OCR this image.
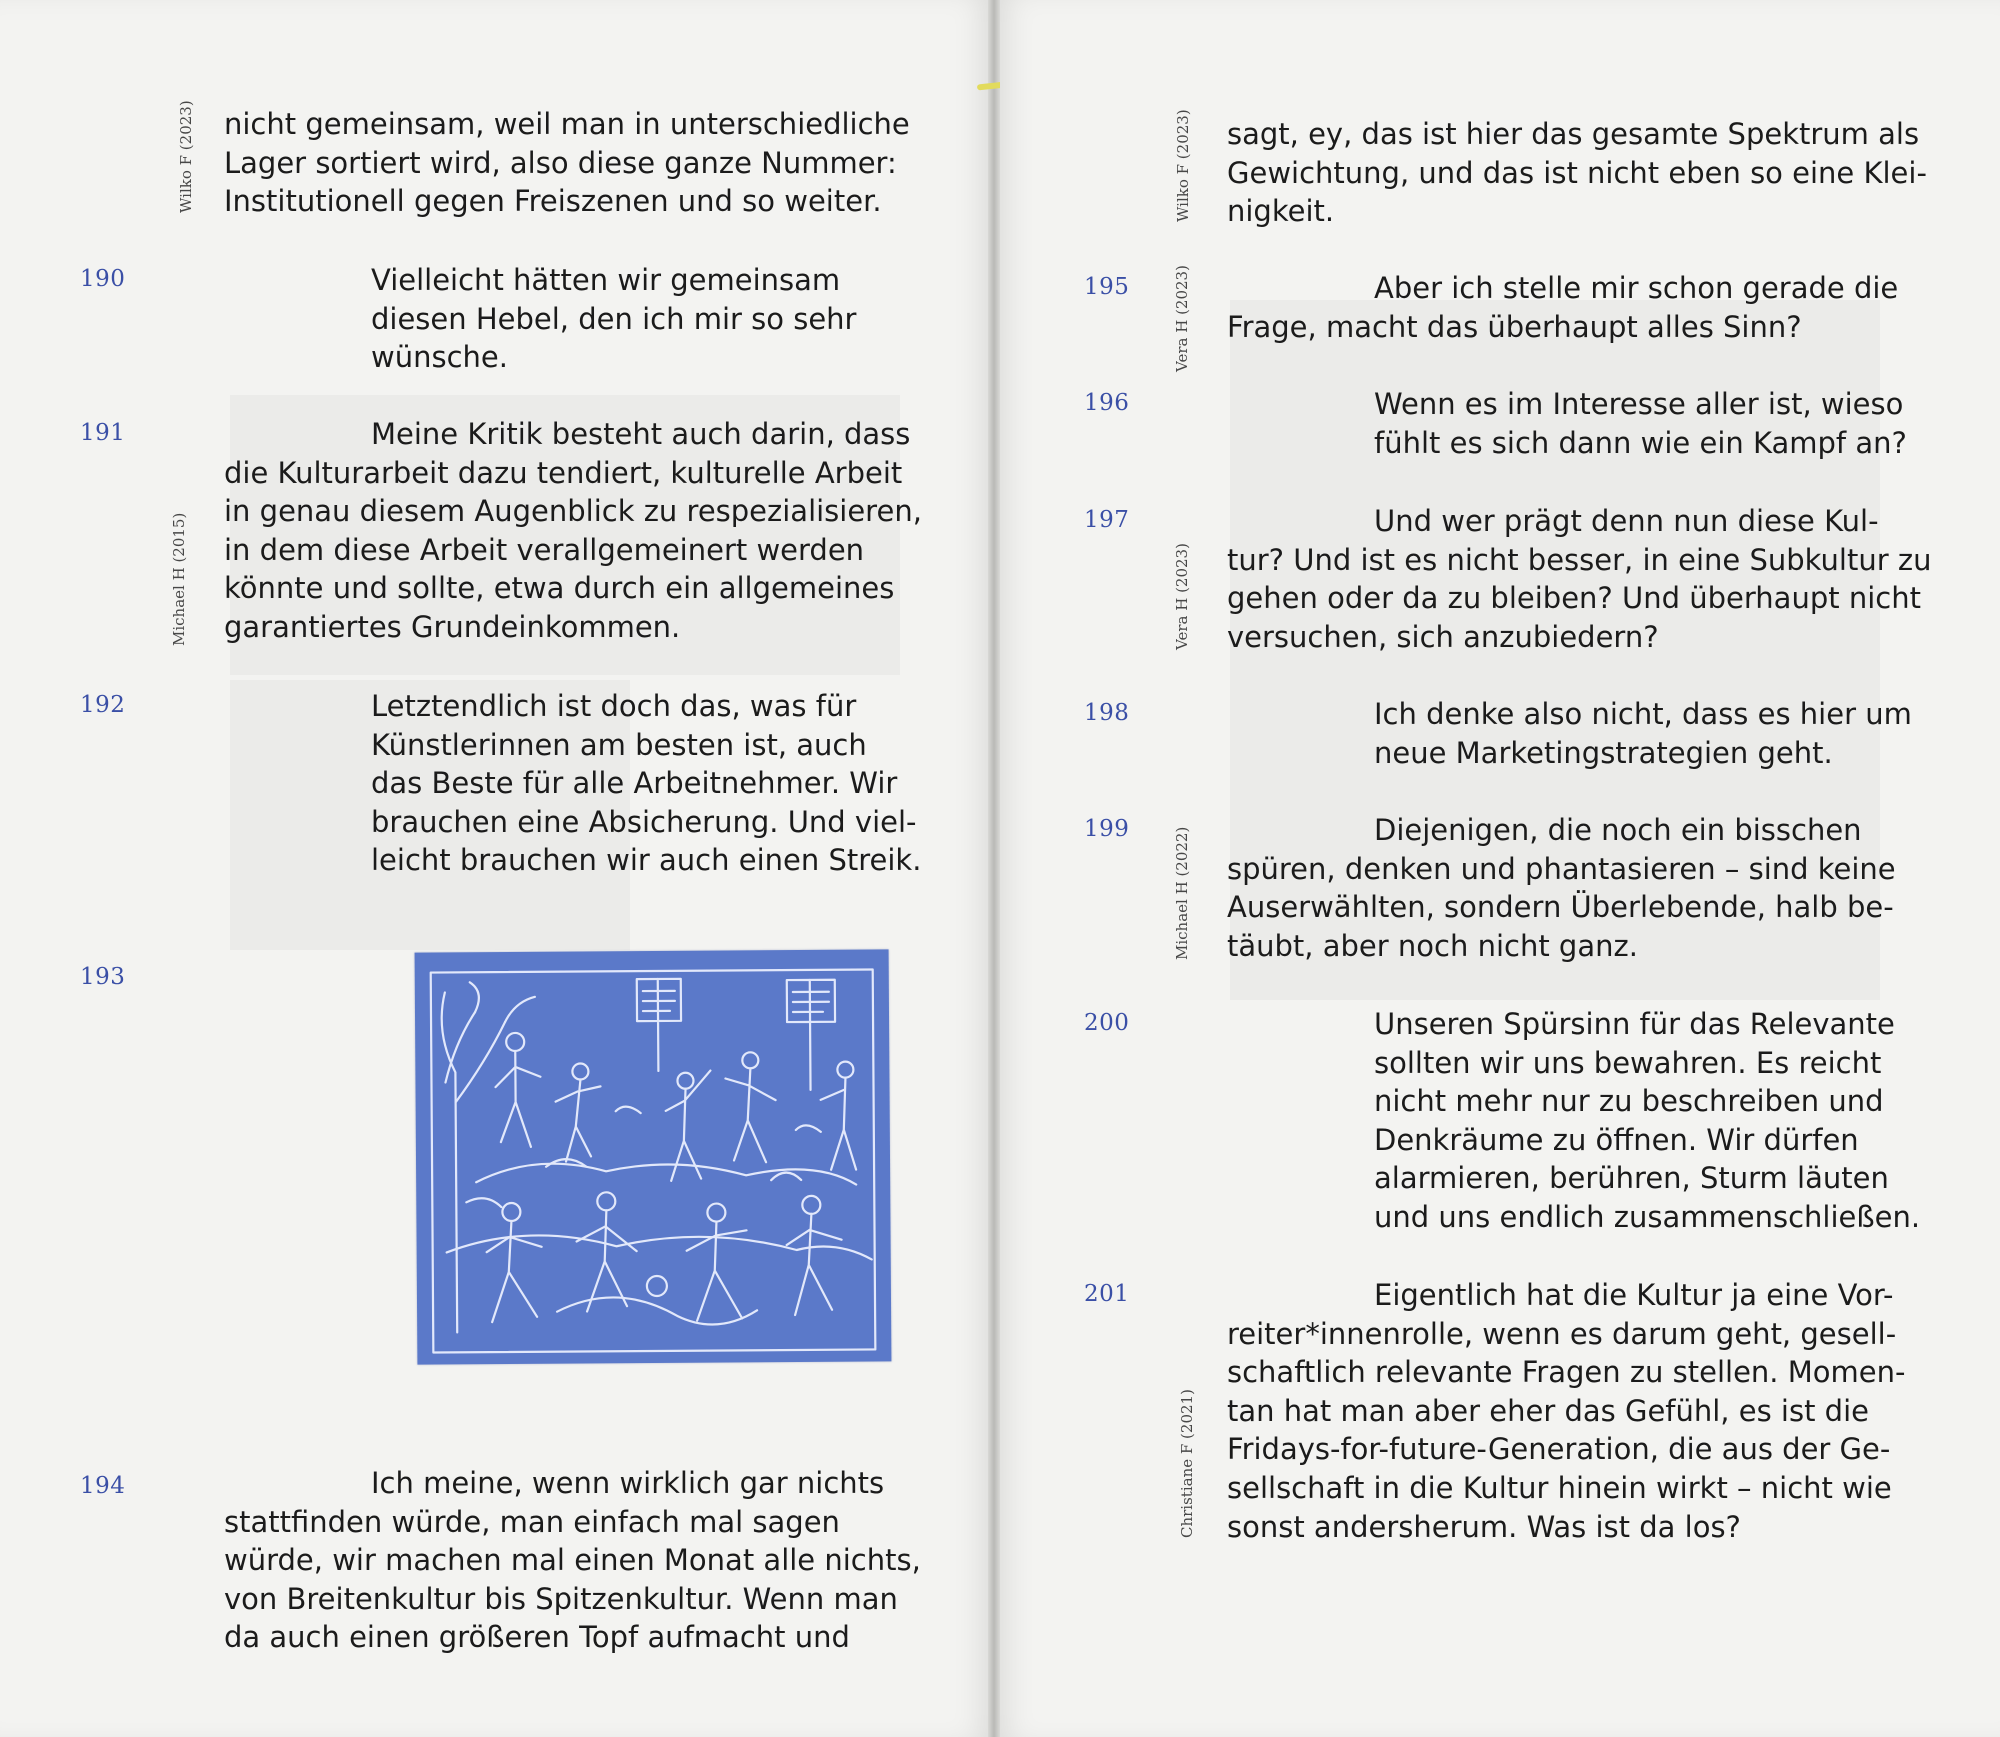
Wilko F (2023)
Michael H (2015)
nicht gemeinsam, weil man in unterschiedliche
Lager sortiert wird, also diese ganze Nummer:
Institutionell gegen Freiszenen und so weiter.
190	Vielleicht hätten wir gemeinsam
diesen Hebel, den ich mir so sehr
wünsche.
191	Meine Kritik besteht auch darin, dass
die Kulturarbeit dazu tendiert, kulturelle Arbeit
in genau diesem Augenblick zu respezialisieren,
in dem diese Arbeit verallgemeinert werden
könnte und sollte, etwa durch ein allgemeines
garantiertes Grundeinkommen.
192	Letztendlich ist doch das, was für
Künstlerinnen am besten ist, auch
das Beste für alle Arbeitnehmer. Wir
brauchen eine Absicherung. Und viel-
leicht brauchen wir auch einen Streik.
193
194	Ich meine, wenn wirklich gar nichts
stattfinden würde, man einfach mal sagen
würde, wir machen mal einen Monat alle nichts,
von Breitenkultur bis Spitzenkultur. Wenn man
da auch einen größeren Topf aufmacht und
Wilko F (2023)
Vera H (2023)
Vera H (2023)
Michael H (2022)
Christiane F (2021)
sagt, ey, das ist hier das gesamte Spektrum als
Gewichtung, und das ist nicht eben so eine Klei-
nigkeit.
195	Aber ich stelle mir schon gerade die
Frage, macht das überhaupt alles Sinn?
196	Wenn es im Interesse aller ist, wieso
fühlt es sich dann wie ein Kampf an?
197	Und wer prägt denn nun diese Kul-
tur? Und ist es nicht besser, in eine Subkultur zu
gehen oder da zu bleiben? Und überhaupt nicht
versuchen, sich anzubiedern?
198	Ich denke also nicht, dass es hier um
neue Marketingstrategien geht.
199	Diejenigen, die noch ein bisschen
spüren, denken und phantasieren – sind keine
Auserwählten, sondern Überlebende, halb be-
täubt, aber noch nicht ganz.
200	Unseren Spürsinn für das Relevante
sollten wir uns bewahren. Es reicht
nicht mehr nur zu beschreiben und
Denkräume zu öffnen. Wir dürfen
alarmieren, berühren, Sturm läuten
und uns endlich zusammenschließen.
201	Eigentlich hat die Kultur ja eine Vor-
reiter*innenrolle, wenn es darum geht, gesell-
schaftlich relevante Fragen zu stellen. Momen-
tan hat man aber eher das Gefühl, es ist die
Fridays-for-future-Generation, die aus der Ge-
sellschaft in die Kultur hinein wirkt – nicht wie
sonst andersherum. Was ist da los?
